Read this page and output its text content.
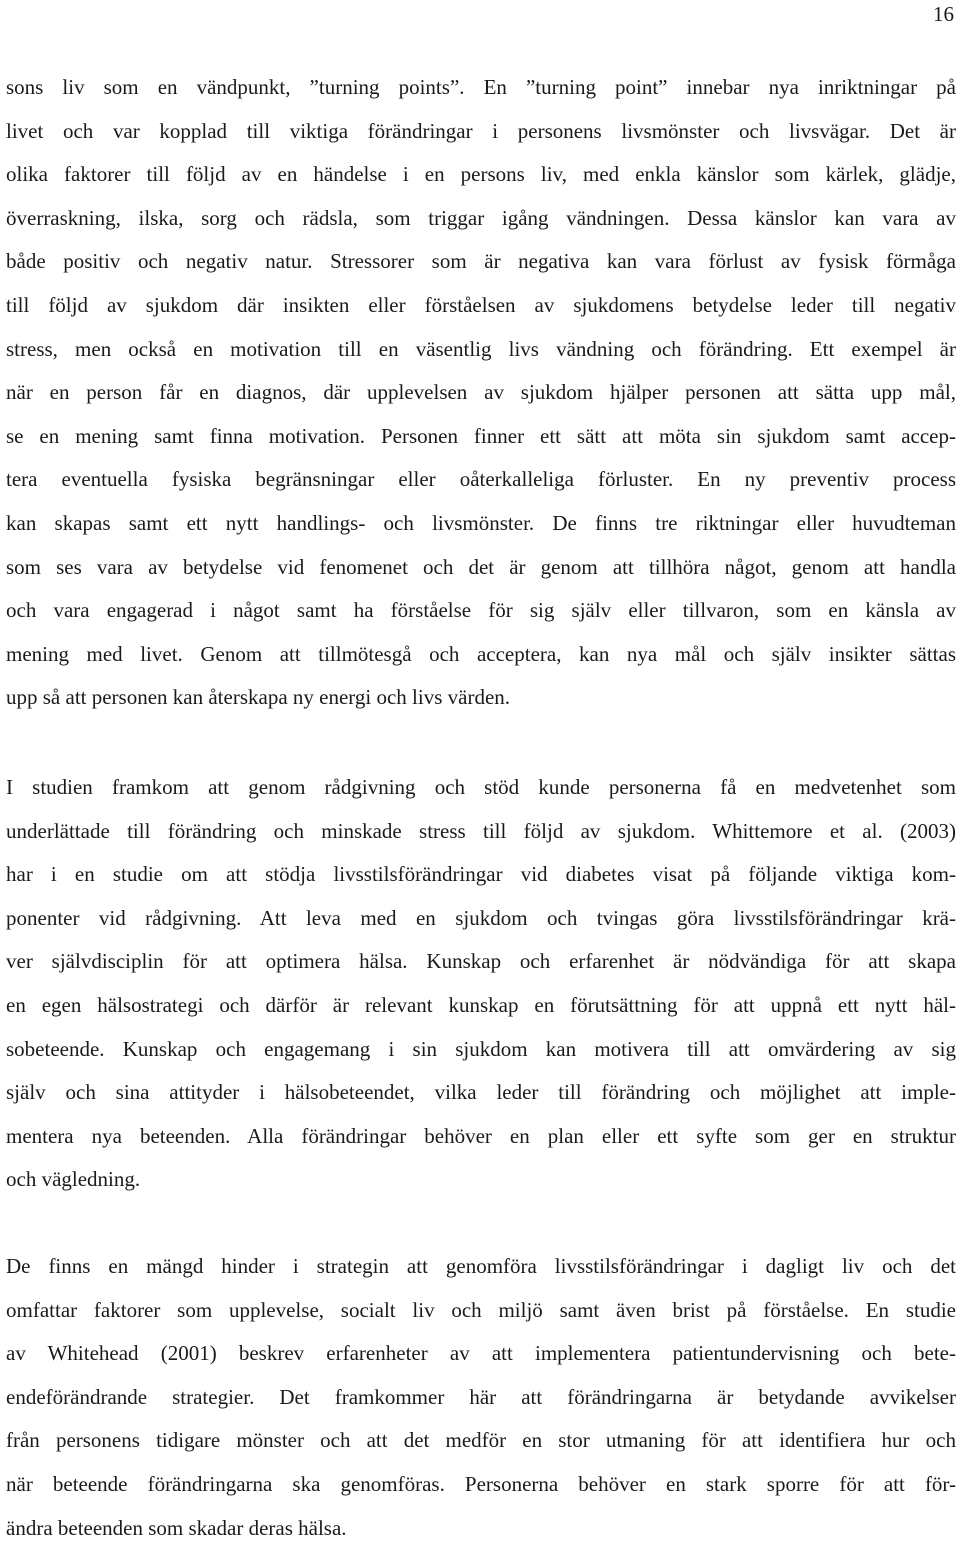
16
sons liv som en vändpunkt, ”turning points”. En ”turning point” innebar nya inriktningar på
livet och var kopplad till viktiga förändringar i personens livsmönster och livsvägar. Det är
olika faktorer till följd av en händelse i en persons liv, med enkla känslor som kärlek, glädje,
överraskning, ilska, sorg och rädsla, som triggar igång vändningen. Dessa känslor kan vara av
både positiv och negativ natur. Stressorer som är negativa kan vara förlust av fysisk förmåga
till följd av sjukdom där insikten eller förståelsen av sjukdomens betydelse leder till negativ
stress, men också en motivation till en väsentlig livs vändning och förändring. Ett exempel är
när en person får en diagnos, där upplevelsen av sjukdom hjälper personen att sätta upp mål,
se en mening samt finna motivation. Personen finner ett sätt att möta sin sjukdom samt accep-
tera eventuella fysiska begränsningar eller oåterkalleliga förluster. En ny preventiv process
kan skapas samt ett nytt handlings- och livsmönster. De finns tre riktningar eller huvudteman
som ses vara av betydelse vid fenomenet och det är genom att tillhöra något, genom att handla
och vara engagerad i något samt ha förståelse för sig själv eller tillvaron, som en känsla av
mening med livet. Genom att tillmötesgå och acceptera, kan nya mål och själv insikter sättas
upp så att personen kan återskapa ny energi och livs värden.
I studien framkom att genom rådgivning och stöd kunde personerna få en medvetenhet som
underlättade till förändring och minskade stress till följd av sjukdom. Whittemore et al. (2003)
har i en studie om att stödja livsstilsförändringar vid diabetes visat på följande viktiga kom-
ponenter vid rådgivning. Att leva med en sjukdom och tvingas göra livsstilsförändringar krä-
ver självdisciplin för att optimera hälsa. Kunskap och erfarenhet är nödvändiga för att skapa
en egen hälsostrategi och därför är relevant kunskap en förutsättning för att uppnå ett nytt häl-
sobeteende. Kunskap och engagemang i sin sjukdom kan motivera till att omvärdering av sig
själv och sina attityder i hälsobeteendet, vilka leder till förändring och möjlighet att imple-
mentera nya beteenden. Alla förändringar behöver en plan eller ett syfte som ger en struktur
och vägledning.
De finns en mängd hinder i strategin att genomföra livsstilsförändringar i dagligt liv och det
omfattar faktorer som upplevelse, socialt liv och miljö samt även brist på förståelse. En studie
av Whitehead (2001) beskrev erfarenheter av att implementera patientundervisning och bete-
endeförändrande strategier. Det framkommer här att förändringarna är betydande avvikelser
från personens tidigare mönster och att det medför en stor utmaning för att identifiera hur och
när beteende förändringarna ska genomföras. Personerna behöver en stark sporre för att för-
ändra beteenden som skadar deras hälsa.
